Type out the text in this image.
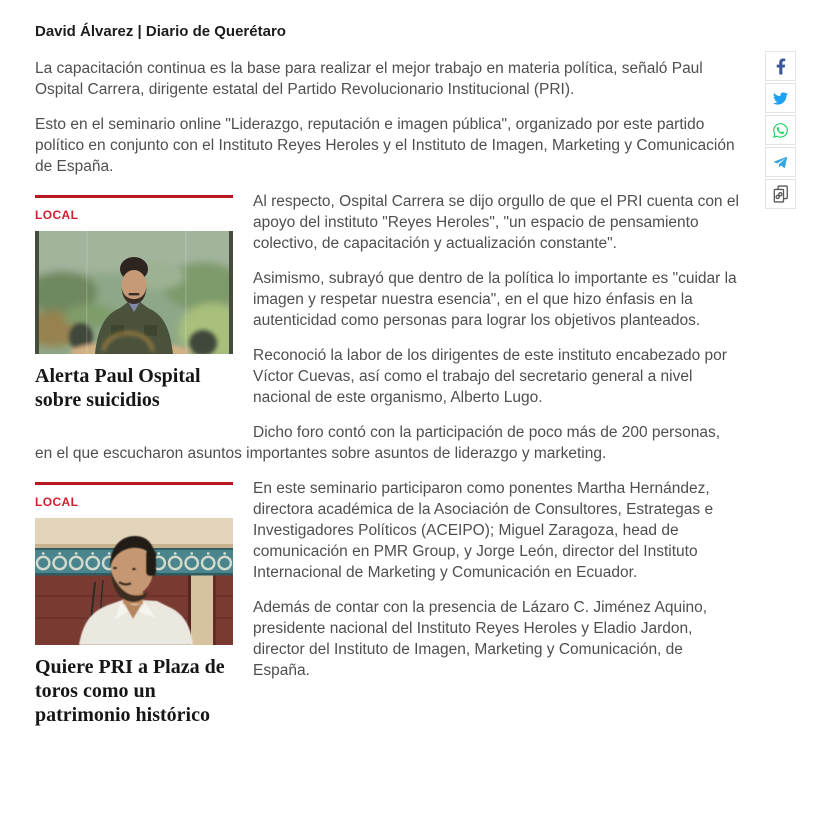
David Álvarez | Diario de Querétaro

La capacitación continua es la base para realizar el mejor trabajo en materia política, señaló Paul Ospital Carrera, dirigente estatal del Partido Revolucionario Institucional (PRI).

Esto en el seminario online "Liderazgo, reputación e imagen pública", organizado por este partido político en conjunto con el Instituto Reyes Heroles y el Instituto de Imagen, Marketing y Comunicación de España.

LOCAL
Alerta Paul Ospital sobre suicidios

Al respecto, Ospital Carrera se dijo orgullo de que el PRI cuenta con el apoyo del instituto "Reyes Heroles", "un espacio de pensamiento colectivo, de capacitación y actualización constante".

Asimismo, subrayó que dentro de la política lo importante es "cuidar la imagen y respetar nuestra esencia", en el que hizo énfasis en la autenticidad como personas para lograr los objetivos planteados.

Reconoció la labor de los dirigentes de este instituto encabezado por Víctor Cuevas, así como el trabajo del secretario general a nivel nacional de este organismo, Alberto Lugo.

Dicho foro contó con la participación de poco más de 200 personas, en el que escucharon asuntos importantes sobre asuntos de liderazgo y marketing.

LOCAL
Quiere PRI a Plaza de toros como un patrimonio histórico

En este seminario participaron como ponentes Martha Hernández, directora académica de la Asociación de Consultores, Estrategas e Investigadores Políticos (ACEIPO); Miguel Zaragoza, head de comunicación en PMR Group, y Jorge León, director del Instituto Internacional de Marketing y Comunicación en Ecuador.

Además de contar con la presencia de Lázaro C. Jiménez Aquino, presidente nacional del Instituto Reyes Heroles y Eladio Jardon, director del Instituto de Imagen, Marketing y Comunicación, de España.
